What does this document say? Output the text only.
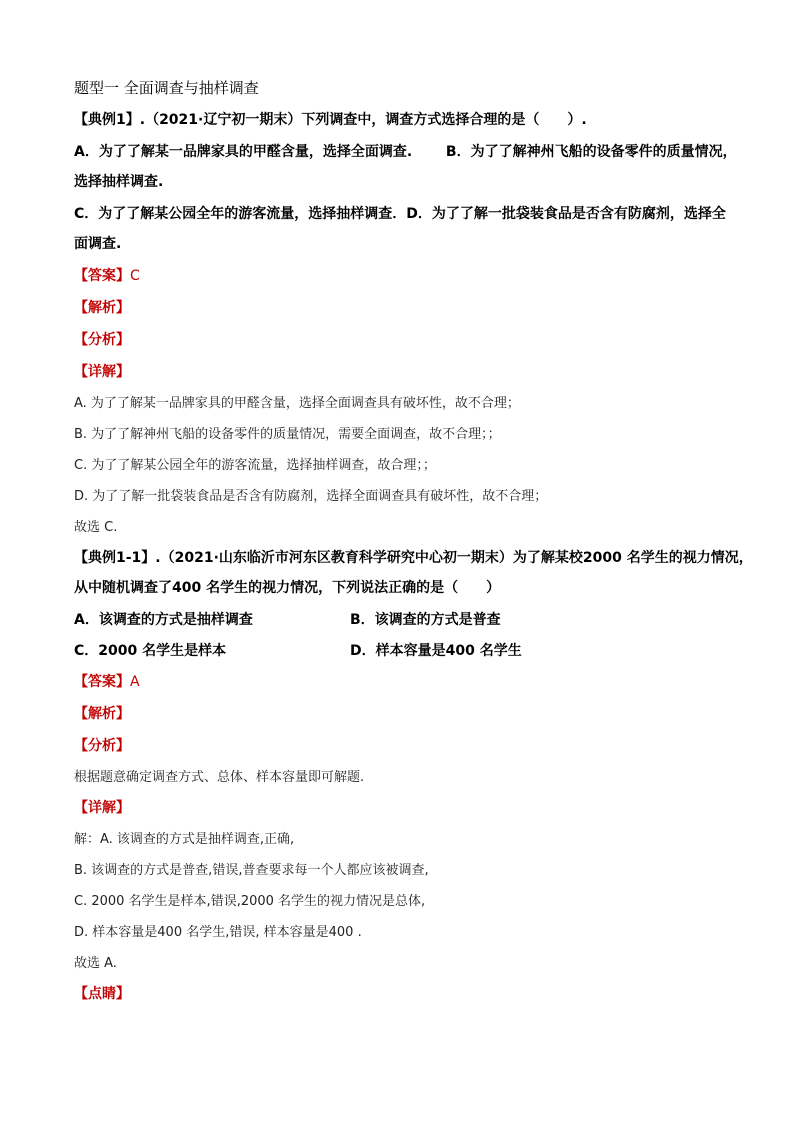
题型一 全面调查与抽样调查
【典例1】.（2021·辽宁初一期末）下列调查中，调查方式选择合理的是（　　）.
A．为了了解某一品牌家具的甲醛含量，选择全面调查. B．为了了解神州飞船的设备零件的质量情况，
选择抽样调查.
C．为了了解某公园全年的游客流量，选择抽样调查．D．为了了解一批袋装食品是否含有防腐剂，选择全
面调查.
【答案】C
【解析】
【分析】
【详解】
A. 为了了解某一品牌家具的甲醛含量，选择全面调查具有破坏性，故不合理；
B. 为了了解神州飞船的设备零件的质量情况，需要全面调查，故不合理；；
C. 为了了解某公园全年的游客流量，选择抽样调查，故合理；；
D. 为了了解一批袋装食品是否含有防腐剂，选择全面调查具有破坏性，故不合理；
故选 C.
【典例1-1】.（2021·山东临沂市河东区教育科学研究中心初一期末）为了解某校2000 名学生的视力情况，
从中随机调查了400 名学生的视力情况，下列说法正确的是（　　）
A．该调查的方式是抽样调查	B．该调查的方式是普查
C．2000 名学生是样本	D．样本容量是400 名学生
【答案】A
【解析】
【分析】
根据题意确定调查方式、总体、样本容量即可解题.
【详解】
解：A. 该调查的方式是抽样调查,正确,
B. 该调查的方式是普查,错误,普查要求每一个人都应该被调查,
C. 2000 名学生是样本,错误,2000 名学生的视力情况是总体,
D. 样本容量是400 名学生,错误, 样本容量是400 .
故选 A.
【点睛】
